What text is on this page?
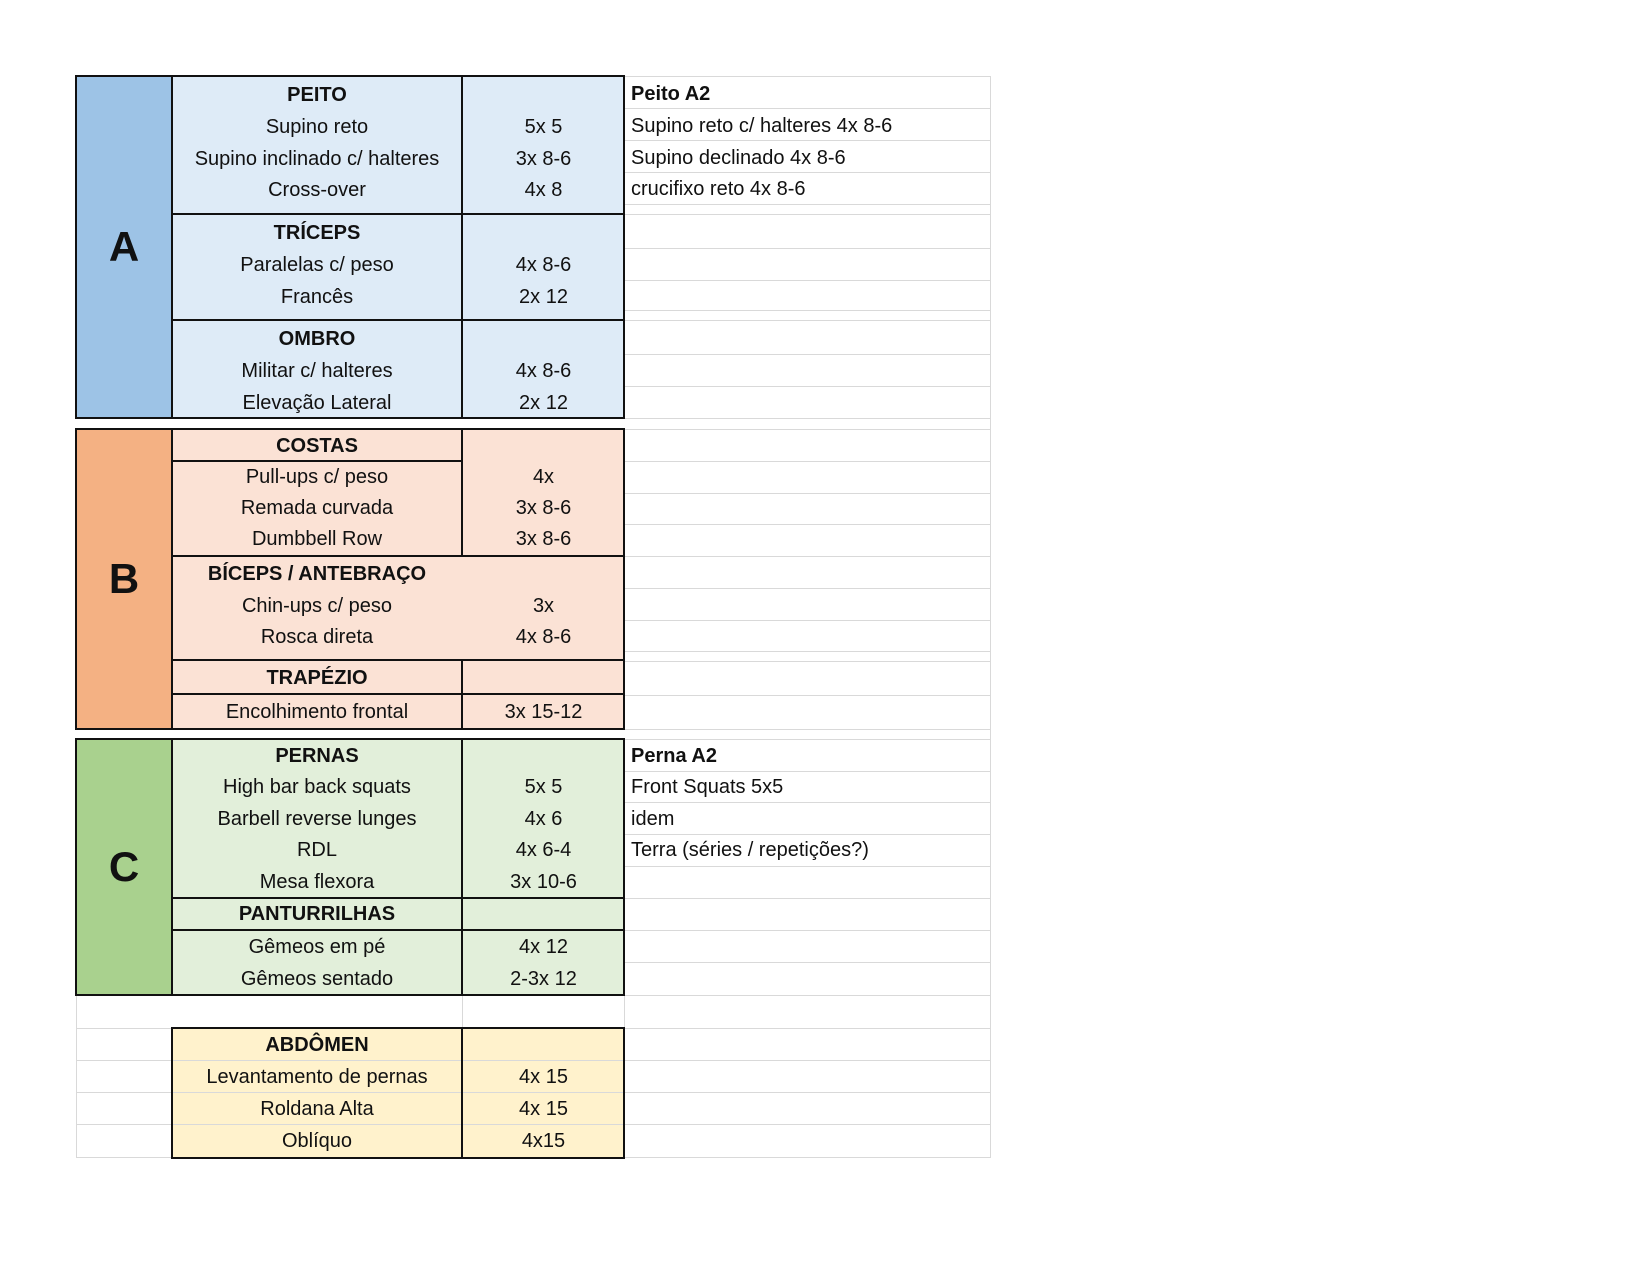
A
B
C
PEITO
Supino reto	5x 5
Supino inclinado c/ halteres	3x 8-6
Cross-over	4x 8
TRÍCEPS
Paralelas c/ peso	4x 8-6
Francês	2x 12
OMBRO
Militar c/ halteres	4x 8-6
Elevação Lateral	2x 12
Peito A2
Supino reto c/ halteres 4x 8-6
Supino declinado 4x 8-6
crucifixo reto 4x 8-6
COSTAS
Pull-ups c/ peso	4x
Remada curvada	3x 8-6
Dumbbell Row	3x 8-6
BÍCEPS / ANTEBRAÇO
Chin-ups c/ peso	3x
Rosca direta	4x 8-6
TRAPÉZIO
Encolhimento frontal	3x 15-12
PERNAS
High bar back squats	5x 5
Barbell reverse lunges	4x 6
RDL	4x 6-4
Mesa flexora	3x 10-6
PANTURRILHAS
Gêmeos em pé	4x 12
Gêmeos sentado	2-3x 12
Perna A2
Front Squats 5x5
idem
Terra (séries / repetições?)
ABDÔMEN
Levantamento de pernas	4x 15
Roldana Alta	4x 15
Oblíquo	4x15
